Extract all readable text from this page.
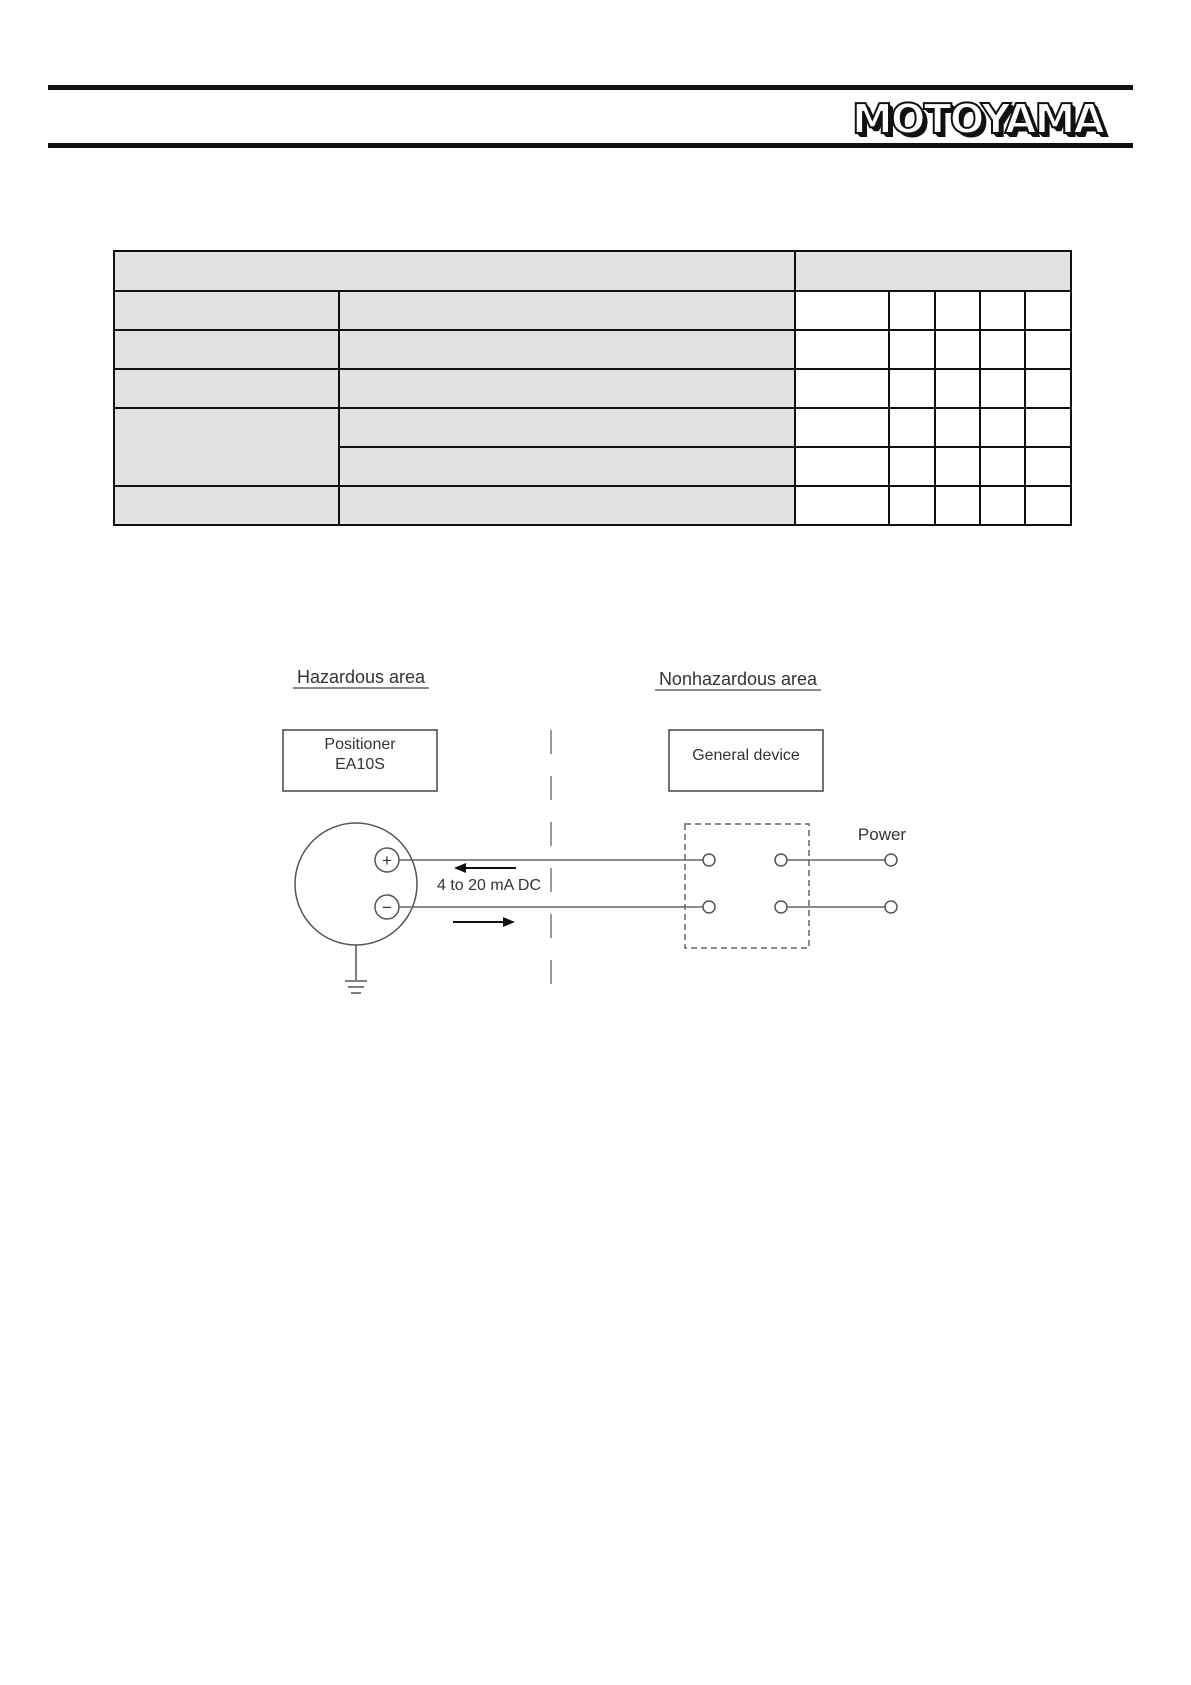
MOTOYAMA

Hazardous area	Nonhazardous area
Positioner
EA10S
General device
+
−
4 to 20 mA DC
Power
